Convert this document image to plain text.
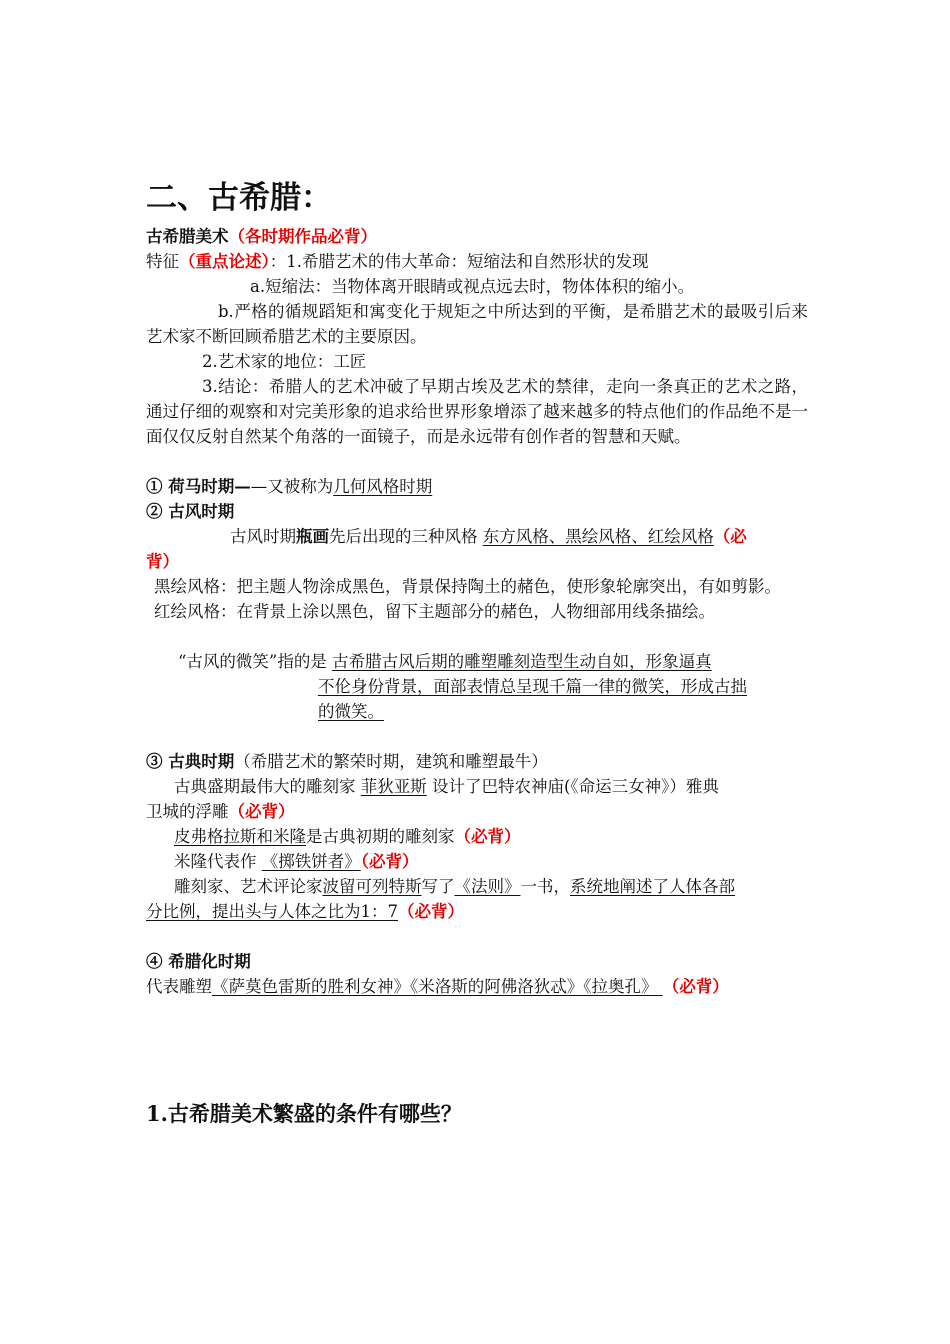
二、古希腊：

古希腊美术（各时期作品必背）

特征（重点论述）：1.希腊艺术的伟大革命：短缩法和自然形状的发现

a.短缩法：当物体离开眼睛或视点远去时，物体体积的缩小。

b.严格的循规蹈矩和寓变化于规矩之中所达到的平衡，是希腊艺术的最吸引后来艺术家不断回顾希腊艺术的主要原因。

2.艺术家的地位：工匠

3.结论：希腊人的艺术冲破了早期古埃及艺术的禁律，走向一条真正的艺术之路，通过仔细的观察和对完美形象的追求给世界形象增添了越来越多的特点他们的作品绝不是一面仅仅反射自然某个角落的一面镜子，而是永远带有创作者的智慧和天赋。

① 荷马时期——又被称为几何风格时期

② 古风时期

古风时期瓶画先后出现的三种风格 东方风格、黑绘风格、红绘风格（必

背）

黑绘风格：把主题人物涂成黑色，背景保持陶土的赭色，使形象轮廓突出，有如剪影。

红绘风格：在背景上涂以黑色，留下主题部分的赭色，人物细部用线条描绘。

“古风的微笑”指的是 古希腊古风后期的雕塑雕刻造型生动自如，形象逼真

不伦身份背景，面部表情总呈现千篇一律的微笑，形成古拙

的微笑。

③ 古典时期（希腊艺术的繁荣时期，建筑和雕塑最牛）

古典盛期最伟大的雕刻家 菲狄亚斯 设计了巴特农神庙(《命运三女神》）雅典

卫城的浮雕（必背）

皮弗格拉斯和米隆是古典初期的雕刻家（必背）

米隆代表作 《掷铁饼者》（必背）

雕刻家、艺术评论家波留可列特斯写了《法则》一书，系统地阐述了人体各部

分比例，提出头与人体之比为1：7（必背）

④ 希腊化时期

代表雕塑《萨莫色雷斯的胜利女神》《米洛斯的阿佛洛狄忒》《拉奥孔》 （必背）

1.古希腊美术繁盛的条件有哪些？
